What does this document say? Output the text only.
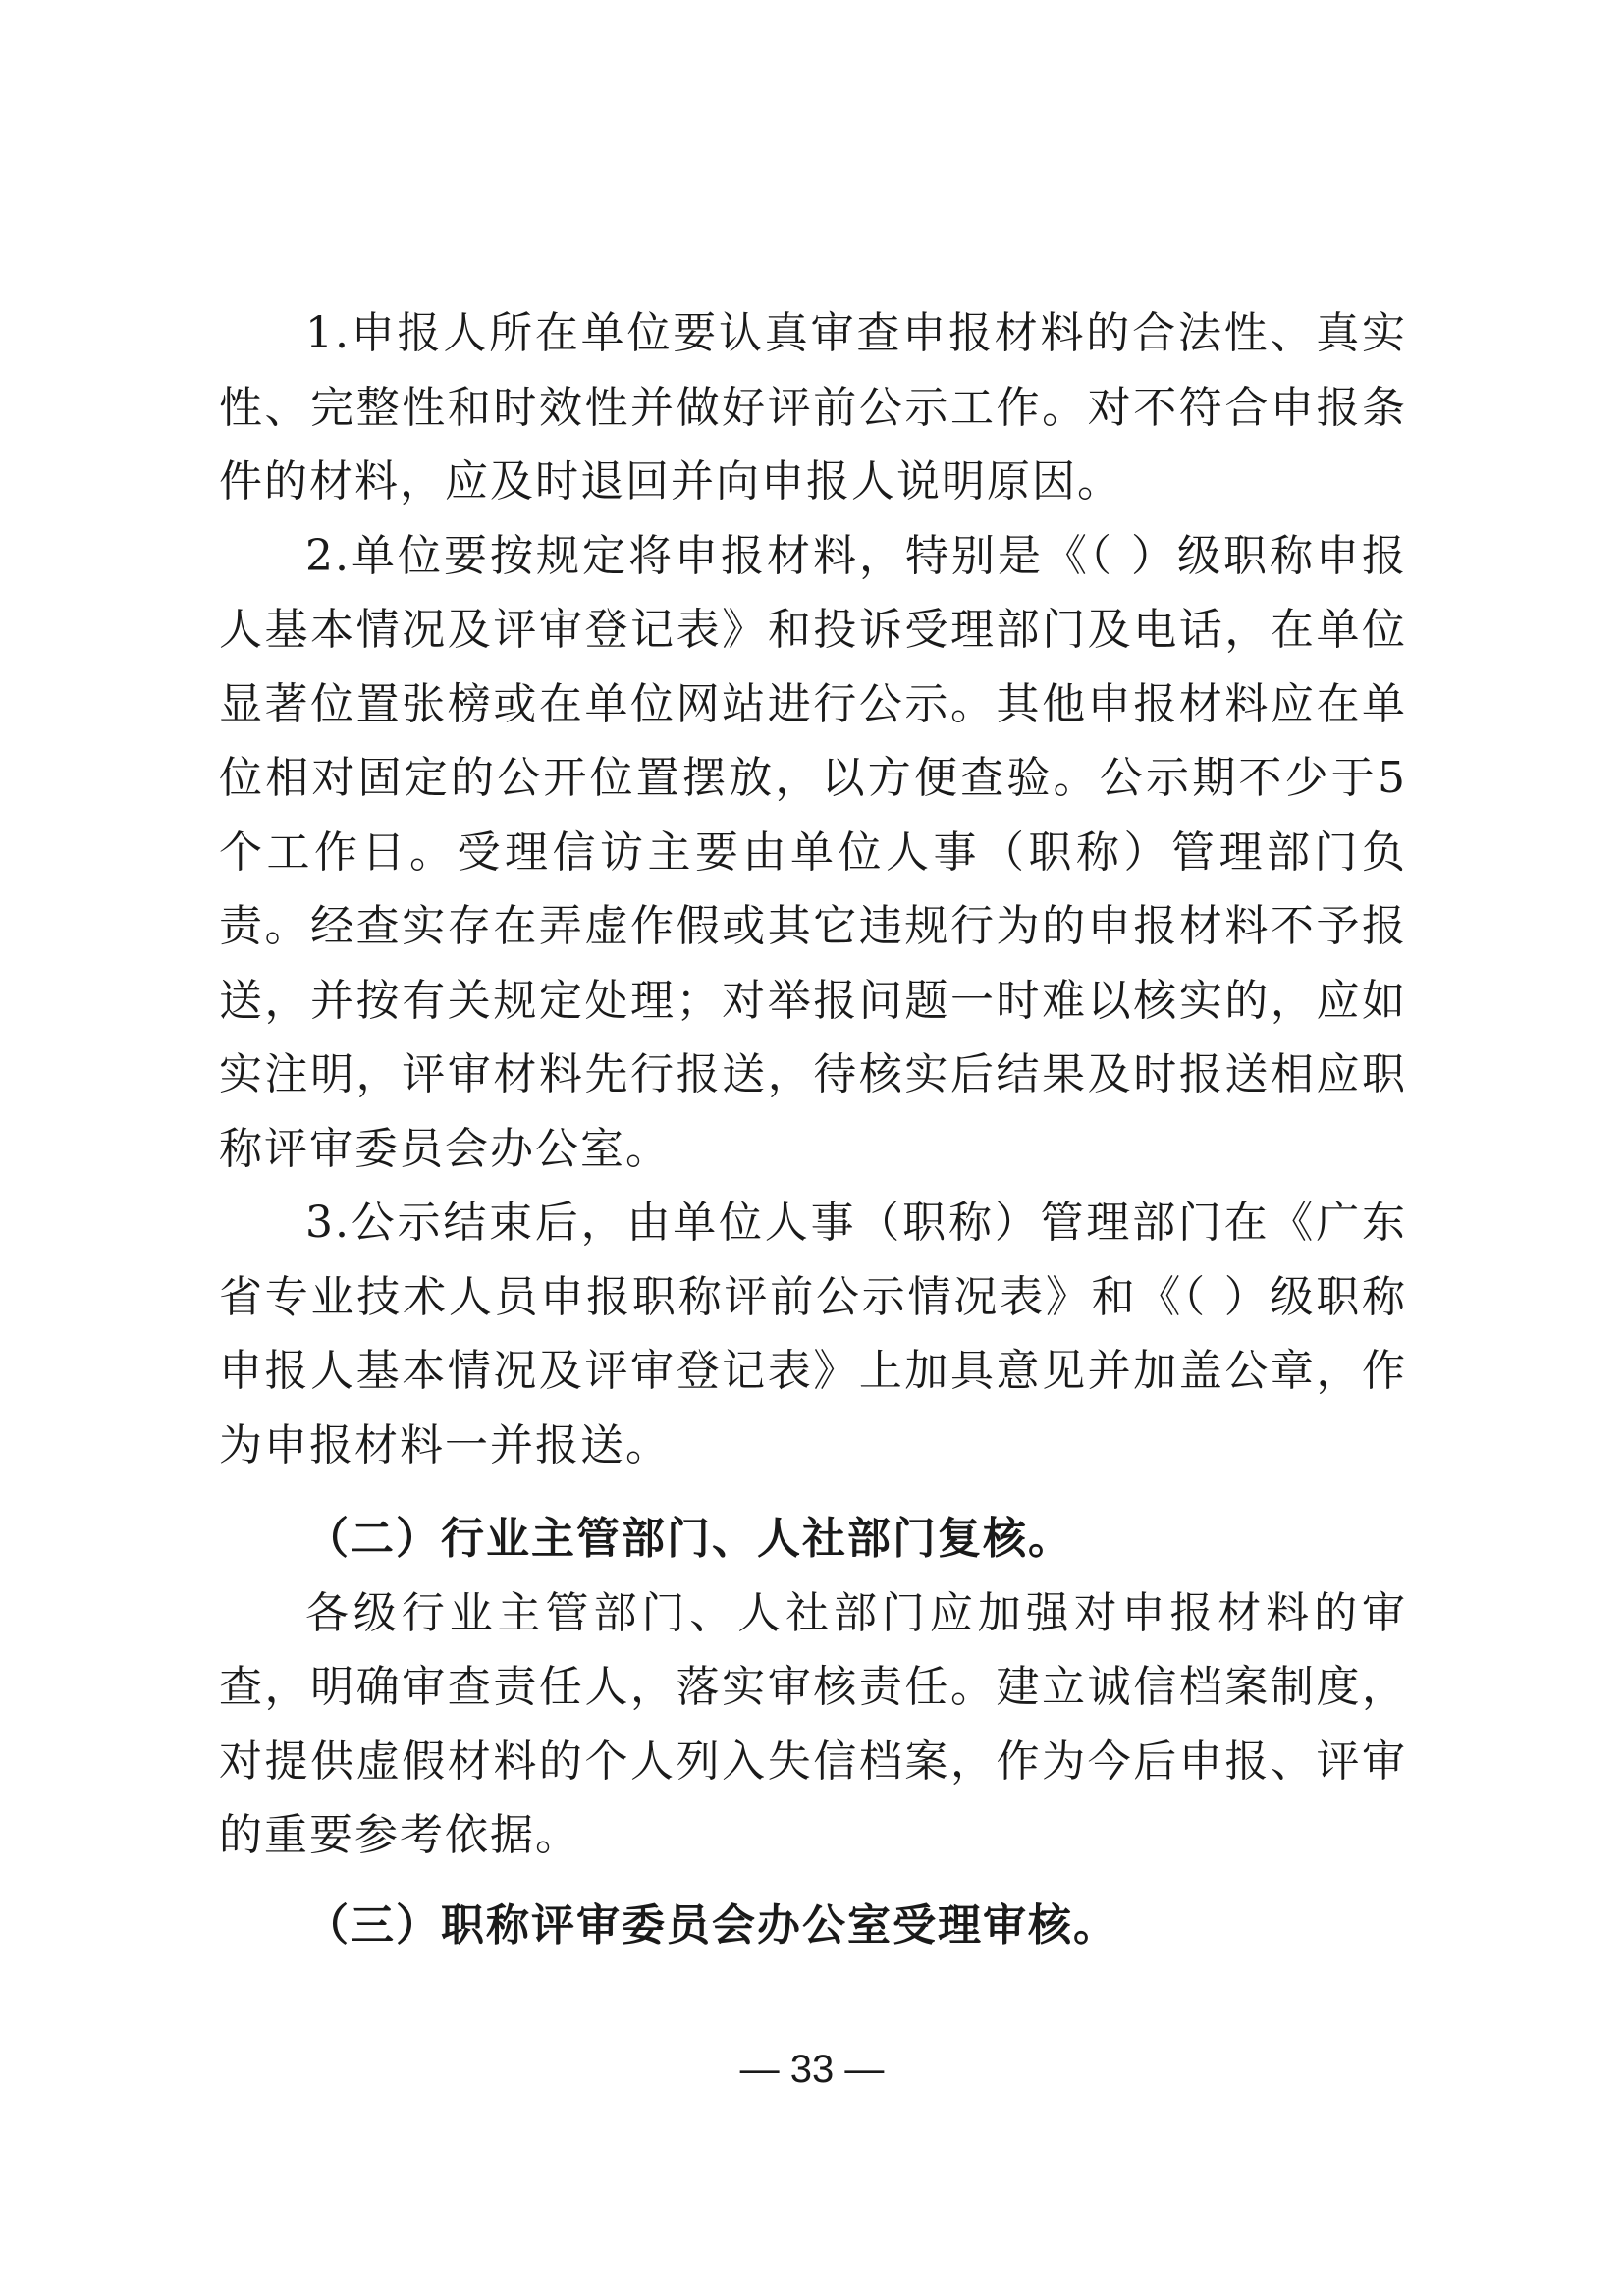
1.申报人所在单位要认真审查申报材料的合法性、真实性、完整性和时效性并做好评前公示工作。对不符合申报条件的材料，应及时退回并向申报人说明原因。

2.单位要按规定将申报材料，特别是《（ ）级职称申报人基本情况及评审登记表》和投诉受理部门及电话，在单位显著位置张榜或在单位网站进行公示。其他申报材料应在单位相对固定的公开位置摆放，以方便查验。公示期不少于5个工作日。受理信访主要由单位人事（职称）管理部门负责。经查实存在弄虚作假或其它违规行为的申报材料不予报送，并按有关规定处理；对举报问题一时难以核实的，应如实注明，评审材料先行报送，待核实后结果及时报送相应职称评审委员会办公室。

3.公示结束后，由单位人事（职称）管理部门在《广东省专业技术人员申报职称评前公示情况表》和《（ ）级职称申报人基本情况及评审登记表》上加具意见并加盖公章，作为申报材料一并报送。

（二）行业主管部门、人社部门复核。

各级行业主管部门、人社部门应加强对申报材料的审查，明确审查责任人，落实审核责任。建立诚信档案制度，对提供虚假材料的个人列入失信档案，作为今后申报、评审的重要参考依据。

（三）职称评审委员会办公室受理审核。

— 33 —
